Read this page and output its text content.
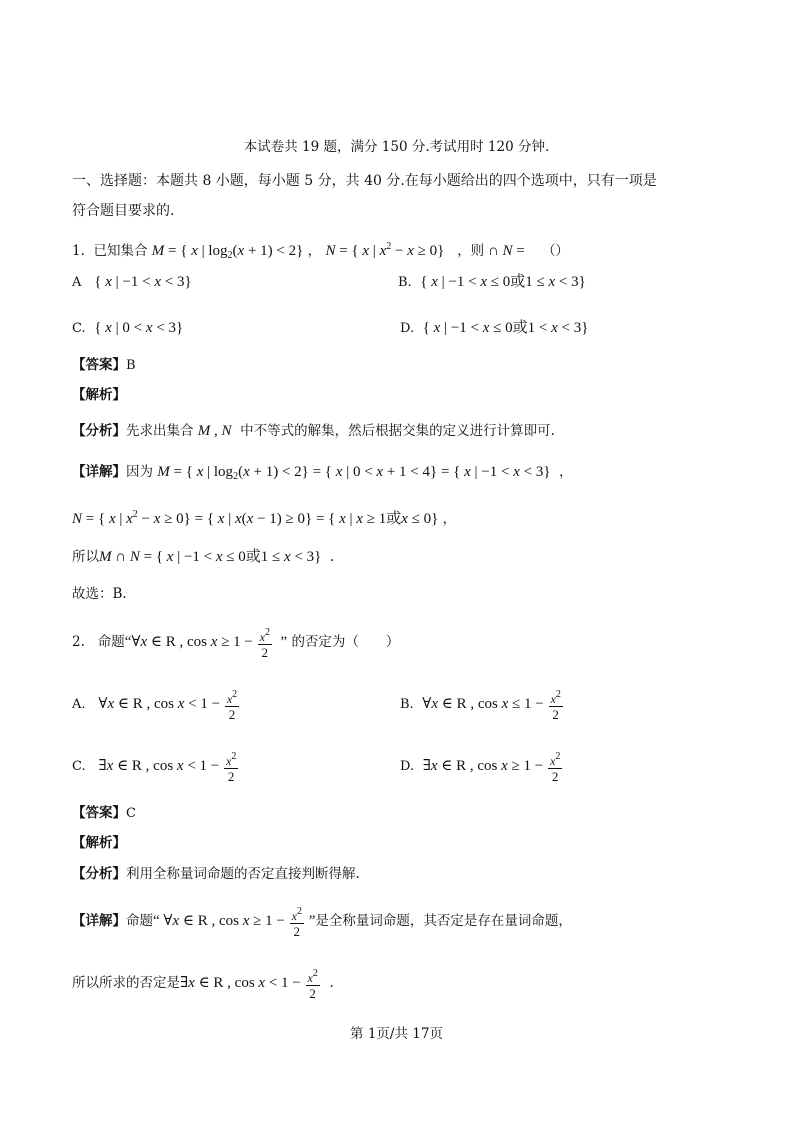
本试卷共 19 题，满分 150 分.考试用时 120 分钟.
一、选择题：本题共 8 小题，每小题 5 分，共 40 分.在每小题给出的四个选项中，只有一项是
符合题目要求的.
1. 已知集合 M = { x | $\log_2(x + 1) < 2$} ， N = { x | $x^2 - x \ge 0$} ，则 ∩ N = （）
A { x | −1 < x < 3}	B. { x | −1 < x ≤ 0或1 ≤ x < 3}
C. { x | 0 < x < 3}	D. { x | −1 < x ≤ 0或1 < x < 3}
【答案】B
【解析】
【分析】先求出集合 M , N 中不等式的解集，然后根据交集的定义进行计算即可.
【详解】因为 M = { x | $\log_2(x + 1) < 2$} = { x | 0 < x + 1 < 4} = { x | −1 < x < 3} ，
N = { x | $x^2 - x \ge 0$} = { x | x(x − 1) ≥ 0} = { x | x ≥ 1或x ≤ 0} ，
所以M ∩ N = { x | −1 < x ≤ 0或1 ≤ x < 3} .
故选：B.
2. 命题“∀x ∈ R , $\cos x \ge 1 - \frac{x^2}{2}$ ” 的否定为（　　）
A. ∀x ∈ R , $\cos x < 1 - \frac{x^2}{2}$	B. ∀x ∈ R , $\cos x \le 1 - \frac{x^2}{2}$
C. ∃x ∈ R , $\cos x < 1 - \frac{x^2}{2}$	D. ∃x ∈ R , $\cos x \ge 1 - \frac{x^2}{2}$
【答案】C
【解析】
【分析】利用全称量词命题的否定直接判断得解.
【详解】命题“ ∀x ∈ R , $\cos x \ge 1 - \frac{x^2}{2}$ ”是全称量词命题，其否定是存在量词命题，
所以所求的否定是∃x ∈ R , $\cos x < 1 - \frac{x^2}{2}$ .
第 1页/共 17页
